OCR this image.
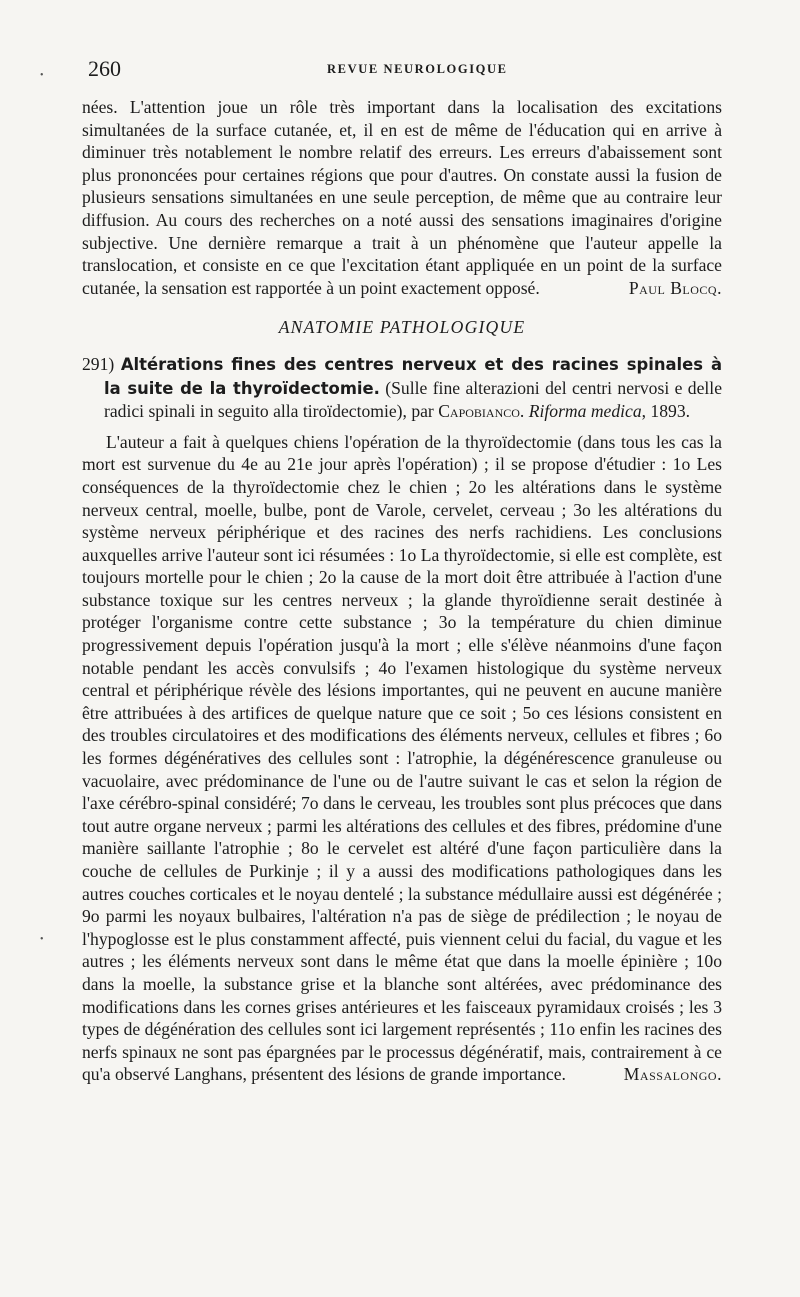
260	REVUE NEUROLOGIQUE

nées. L'attention joue un rôle très important dans la localisation des excitations simultanées de la surface cutanée, et, il en est de même de l'éducation qui en arrive à diminuer très notablement le nombre relatif des erreurs. Les erreurs d'abaissement sont plus prononcées pour certaines régions que pour d'autres. On constate aussi la fusion de plusieurs sensations simultanées en une seule perception, de même que au contraire leur diffusion. Au cours des recherches on a noté aussi des sensations imaginaires d'origine subjective. Une dernière remarque a trait à un phénomène que l'auteur appelle la translocation, et consiste en ce que l'excitation étant appliquée en un point de la surface cutanée, la sensation est rapportée à un point exactement opposé.	Paul Blocq.

ANATOMIE PATHOLOGIQUE

291) Altérations fines des centres nerveux et des racines spinales à la suite de la thyroïdectomie. (Sulle fine alterazioni del centri nervosi e delle radici spinali in seguito alla tiroïdectomie), par Capobianco. Riforma medica, 1893.

L'auteur a fait à quelques chiens l'opération de la thyroïdectomie (dans tous les cas la mort est survenue du 4e au 21e jour après l'opération) ; il se propose d'étudier : 1o Les conséquences de la thyroïdectomie chez le chien ; 2o les altérations dans le système nerveux central, moelle, bulbe, pont de Varole, cervelet, cerveau ; 3o les altérations du système nerveux périphérique et des racines des nerfs rachidiens. Les conclusions auxquelles arrive l'auteur sont ici résumées : 1o La thyroïdectomie, si elle est complète, est toujours mortelle pour le chien ; 2o la cause de la mort doit être attribuée à l'action d'une substance toxique sur les centres nerveux ; la glande thyroïdienne serait destinée à protéger l'organisme contre cette substance ; 3o la température du chien diminue progressivement depuis l'opération jusqu'à la mort ; elle s'élève néanmoins d'une façon notable pendant les accès convulsifs ; 4o l'examen histologique du système nerveux central et périphérique révèle des lésions importantes, qui ne peuvent en aucune manière être attribuées à des artifices de quelque nature que ce soit ; 5o ces lésions consistent en des troubles circulatoires et des modifications des éléments nerveux, cellules et fibres ; 6o les formes dégénératives des cellules sont : l'atrophie, la dégénérescence granuleuse ou vacuolaire, avec prédominance de l'une ou de l'autre suivant le cas et selon la région de l'axe cérébro-spinal considéré; 7o dans le cerveau, les troubles sont plus précoces que dans tout autre organe nerveux ; parmi les altérations des cellules et des fibres, prédomine d'une manière saillante l'atrophie ; 8o le cervelet est altéré d'une façon particulière dans la couche de cellules de Purkinje ; il y a aussi des modifications pathologiques dans les autres couches corticales et le noyau dentelé ; la substance médullaire aussi est dégénérée ; 9o parmi les noyaux bulbaires, l'altération n'a pas de siège de prédilection ; le noyau de l'hypoglosse est le plus constamment affecté, puis viennent celui du facial, du vague et les autres ; les éléments nerveux sont dans le même état que dans la moelle épinière ; 10o dans la moelle, la substance grise et la blanche sont altérées, avec prédominance des modifications dans les cornes grises antérieures et les faisceaux pyramidaux croisés ; les 3 types de dégénération des cellules sont ici largement représentés ; 11o enfin les racines des nerfs spinaux ne sont pas épargnées par le processus dégénératif, mais, contrairement à ce qu'a observé Langhans, présentent des lésions de grande importance.	Massalongo.

•
•
